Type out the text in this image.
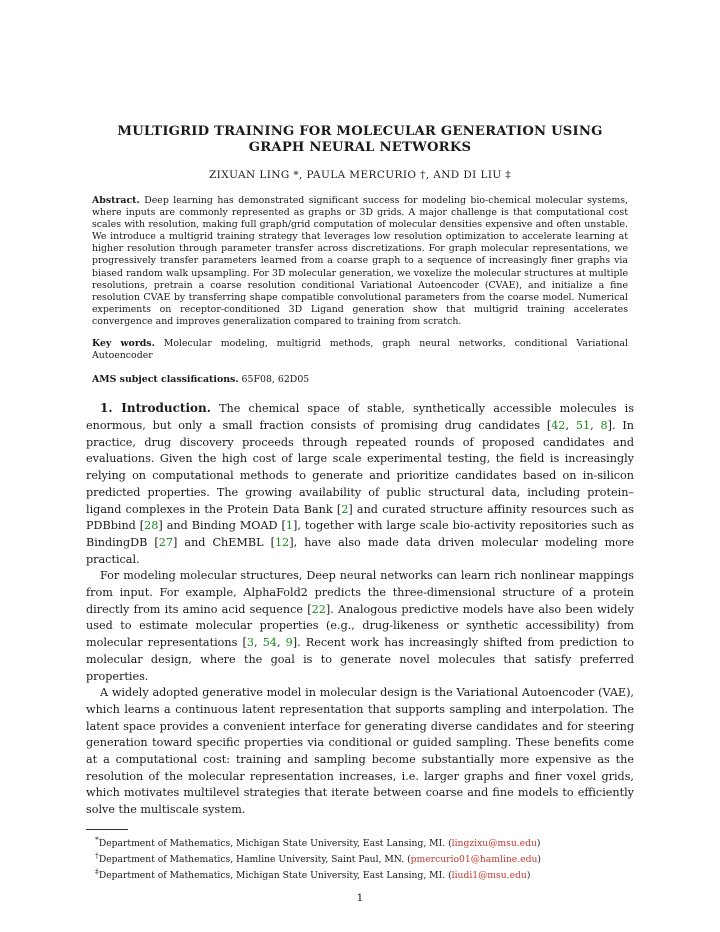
MULTIGRID TRAINING FOR MOLECULAR GENERATION USING
GRAPH NEURAL NETWORKS
ZIXUAN LING *, PAULA MERCURIO †, AND DI LIU ‡
Abstract. Deep learning has demonstrated significant success for modeling bio-chemical molecular systems, where inputs are commonly represented as graphs or 3D grids. A major challenge is that computational cost scales with resolution, making full graph/grid computation of molecular densities expensive and often unstable. We introduce a multigrid training strategy that leverages low resolution optimization to accelerate learning at higher resolution through parameter transfer across discretizations. For graph molecular representations, we progressively transfer parameters learned from a coarse graph to a sequence of increasingly finer graphs via biased random walk upsampling. For 3D molecular generation, we voxelize the molecular structures at multiple resolutions, pretrain a coarse resolution conditional Variational Autoencoder (CVAE), and initialize a fine resolution CVAE by transferring shape compatible convolutional parameters from the coarse model. Numerical experiments on receptor-conditioned 3D Ligand generation show that multigrid training accelerates convergence and improves generalization compared to training from scratch.
Key words. Molecular modeling, multigrid methods, graph neural networks, conditional Variational Autoencoder
AMS subject classifications. 65F08, 62D05

1. Introduction. The chemical space of stable, synthetically accessible molecules is enormous, but only a small fraction consists of promising drug candidates [42, 51, 8]. In practice, drug discovery proceeds through repeated rounds of proposed candidates and evaluations. Given the high cost of large scale experimental testing, the field is increasingly relying on computational methods to generate and prioritize candidates based on in-silicon predicted properties. The growing availability of public structural data, including protein–ligand complexes in the Protein Data Bank [2] and curated structure affinity resources such as PDBbind [28] and Binding MOAD [1], together with large scale bio-activity repositories such as BindingDB [27] and ChEMBL [12], have also made data driven molecular modeling more practical.

For modeling molecular structures, Deep neural networks can learn rich nonlinear mappings from input. For example, AlphaFold2 predicts the three-dimensional structure of a protein directly from its amino acid sequence [22]. Analogous predictive models have also been widely used to estimate molecular properties (e.g., drug-likeness or synthetic accessibility) from molecular representations [3, 54, 9]. Recent work has increasingly shifted from prediction to molecular design, where the goal is to generate novel molecules that satisfy preferred properties.

A widely adopted generative model in molecular design is the Variational Autoencoder (VAE), which learns a continuous latent representation that supports sampling and interpolation. The latent space provides a convenient interface for generating diverse candidates and for steering generation toward specific properties via conditional or guided sampling. These benefits come at a computational cost: training and sampling become substantially more expensive as the resolution of the molecular representation increases, i.e. larger graphs and finer voxel grids, which motivates multilevel strategies that iterate between coarse and fine models to efficiently solve the multiscale system.

*Department of Mathematics, Michigan State University, East Lansing, MI. (lingzixu@msu.edu)
†Department of Mathematics, Hamline University, Saint Paul, MN. (pmercurio01@hamline.edu)
‡Department of Mathematics, Michigan State University, East Lansing, MI. (liudi1@msu.edu)
1
